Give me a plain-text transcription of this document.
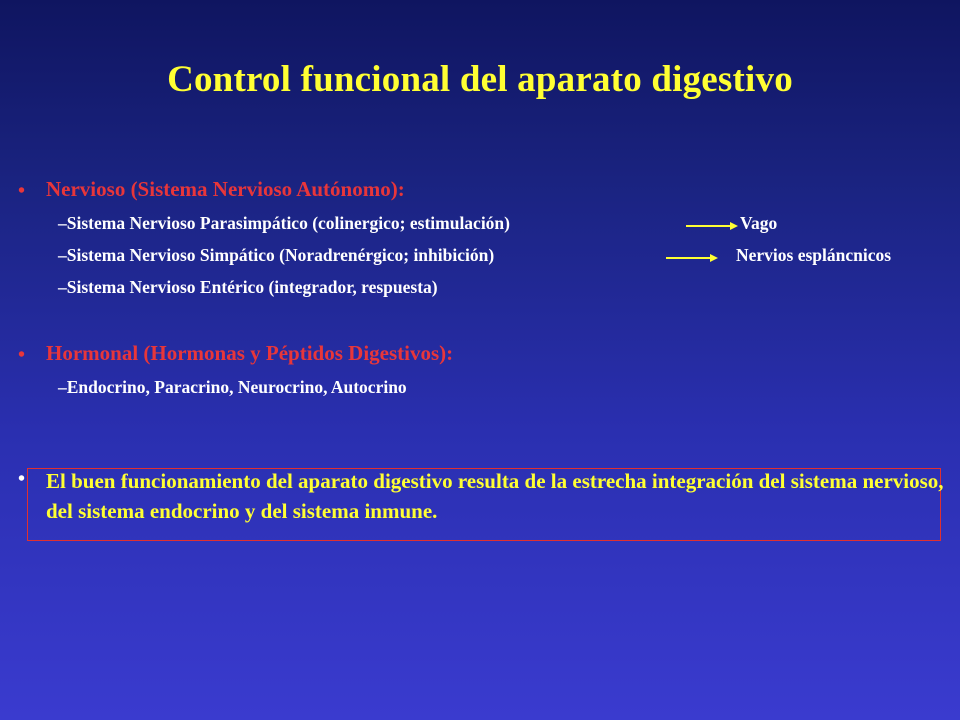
Control funcional del aparato digestivo
• Nervioso (Sistema Nervioso Autónomo):
–Sistema Nervioso Parasimpático (colinergico; estimulación)	Vago
–Sistema Nervioso Simpático (Noradrenérgico; inhibición)	Nervios espláncnicos
–Sistema Nervioso Entérico (integrador, respuesta)
• Hormonal (Hormonas y Péptidos Digestivos):
–Endocrino, Paracrino, Neurocrino, Autocrino
• El buen funcionamiento del aparato digestivo resulta de la estrecha integración del sistema nervioso, del sistema endocrino y del sistema inmune.
